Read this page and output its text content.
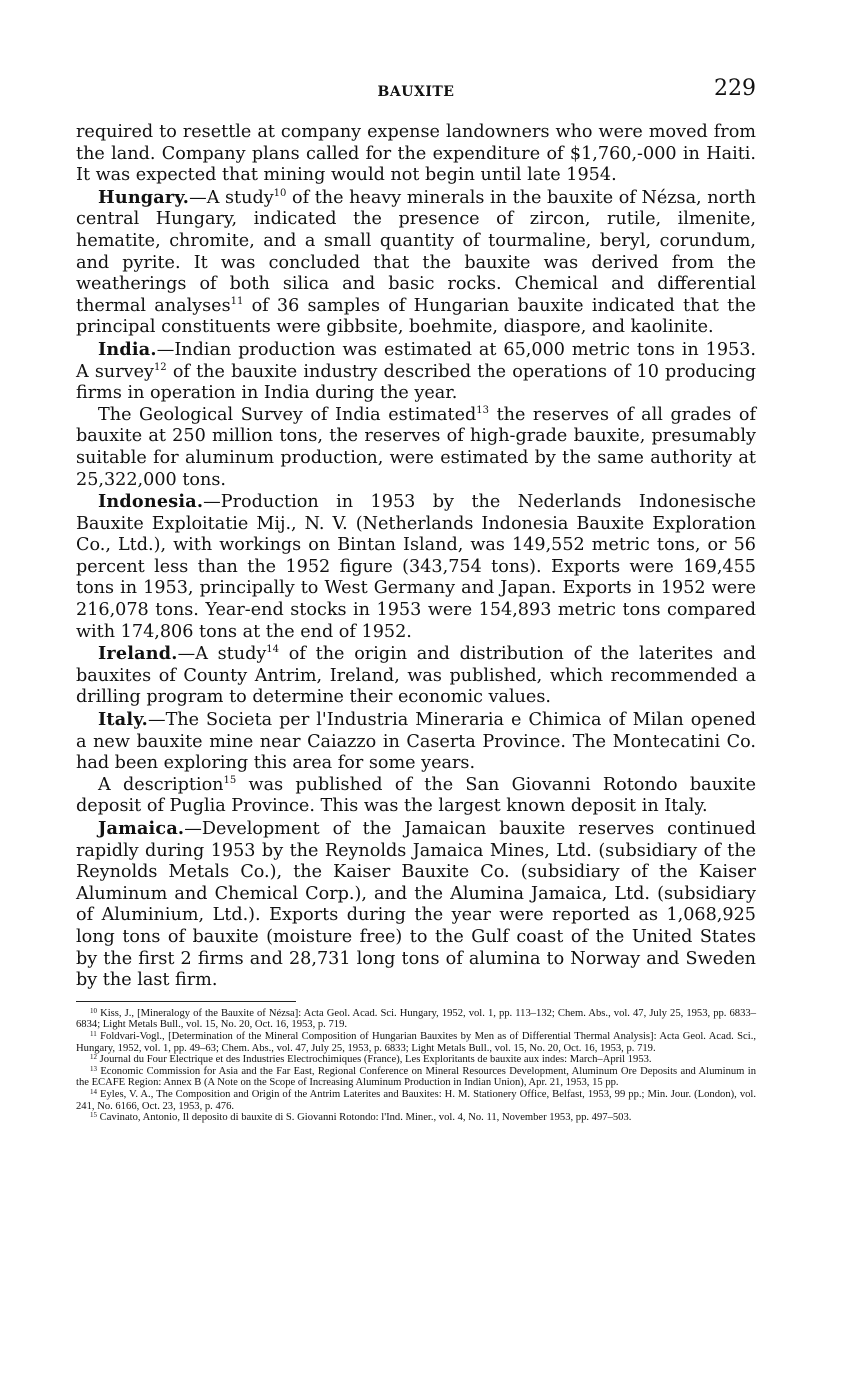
BAUXITE	229

required to resettle at company expense landowners who were moved from the land. Company plans called for the expenditure of $1,760,-000 in Haiti. It was expected that mining would not begin until late 1954.

Hungary.—A study$^{10}$ of the heavy minerals in the bauxite of Nézsa, north central Hungary, indicated the presence of zircon, rutile, ilmenite, hematite, chromite, and a small quantity of tourmaline, beryl, corundum, and pyrite. It was concluded that the bauxite was derived from the weatherings of both silica and basic rocks. Chemical and differential thermal analyses$^{11}$ of 36 samples of Hungarian bauxite indicated that the principal constituents were gibbsite, boehmite, diaspore, and kaolinite.

India.—Indian production was estimated at 65,000 metric tons in 1953. A survey$^{12}$ of the bauxite industry described the operations of 10 producing firms in operation in India during the year.

The Geological Survey of India estimated$^{13}$ the reserves of all grades of bauxite at 250 million tons, the reserves of high-grade bauxite, presumably suitable for aluminum production, were estimated by the same authority at 25,322,000 tons.

Indonesia.—Production in 1953 by the Nederlands Indonesische Bauxite Exploitatie Mij., N. V. (Netherlands Indonesia Bauxite Exploration Co., Ltd.), with workings on Bintan Island, was 149,552 metric tons, or 56 percent less than the 1952 figure (343,754 tons). Exports were 169,455 tons in 1953, principally to West Germany and Japan. Exports in 1952 were 216,078 tons. Year-end stocks in 1953 were 154,893 metric tons compared with 174,806 tons at the end of 1952.

Ireland.—A study$^{14}$ of the origin and distribution of the laterites and bauxites of County Antrim, Ireland, was published, which recommended a drilling program to determine their economic values.

Italy.—The Societa per l'Industria Mineraria e Chimica of Milan opened a new bauxite mine near Caiazzo in Caserta Province. The Montecatini Co. had been exploring this area for some years.

A description$^{15}$ was published of the San Giovanni Rotondo bauxite deposit of Puglia Province. This was the largest known deposit in Italy.

Jamaica.—Development of the Jamaican bauxite reserves continued rapidly during 1953 by the Reynolds Jamaica Mines, Ltd. (subsidiary of the Reynolds Metals Co.), the Kaiser Bauxite Co. (subsidiary of the Kaiser Aluminum and Chemical Corp.), and the Alumina Jamaica, Ltd. (subsidiary of Aluminium, Ltd.). Exports during the year were reported as 1,068,925 long tons of bauxite (moisture free) to the Gulf coast of the United States by the first 2 firms and 28,731 long tons of alumina to Norway and Sweden by the last firm.

$^{10}$ Kiss, J., [Mineralogy of the Bauxite of Nézsa]: Acta Geol. Acad. Sci. Hungary, 1952, vol. 1, pp. 113–132; Chem. Abs., vol. 47, July 25, 1953, pp. 6833–6834; Light Metals Bull., vol. 15, No. 20, Oct. 16, 1953, p. 719.

$^{11}$ Foldvari-Vogl., [Determination of the Mineral Composition of Hungarian Bauxites by Men as of Differential Thermal Analysis]: Acta Geol. Acad. Sci., Hungary, 1952, vol. 1, pp. 49–63; Chem. Abs., vol. 47, July 25, 1953, p. 6833; Light Metals Bull., vol. 15, No. 20, Oct. 16, 1953, p. 719.

$^{12}$ Journal du Four Electrique et des Industries Electrochimiques (France), Les Exploritants de bauxite aux indes: March–April 1953.

$^{13}$ Economic Commission for Asia and the Far East, Regional Conference on Mineral Resources Development, Aluminum Ore Deposits and Aluminum in the ECAFE Region: Annex B (A Note on the Scope of Increasing Aluminum Production in Indian Union), Apr. 21, 1953, 15 pp.

$^{14}$ Eyles, V. A., The Composition and Origin of the Antrim Laterites and Bauxites: H. M. Stationery Office, Belfast, 1953, 99 pp.; Min. Jour. (London), vol. 241, No. 6166, Oct. 23, 1953, p. 476.

$^{15}$ Cavinato, Antonio, Il deposito di bauxite di S. Giovanni Rotondo: l'Ind. Miner., vol. 4, No. 11, November 1953, pp. 497–503.
